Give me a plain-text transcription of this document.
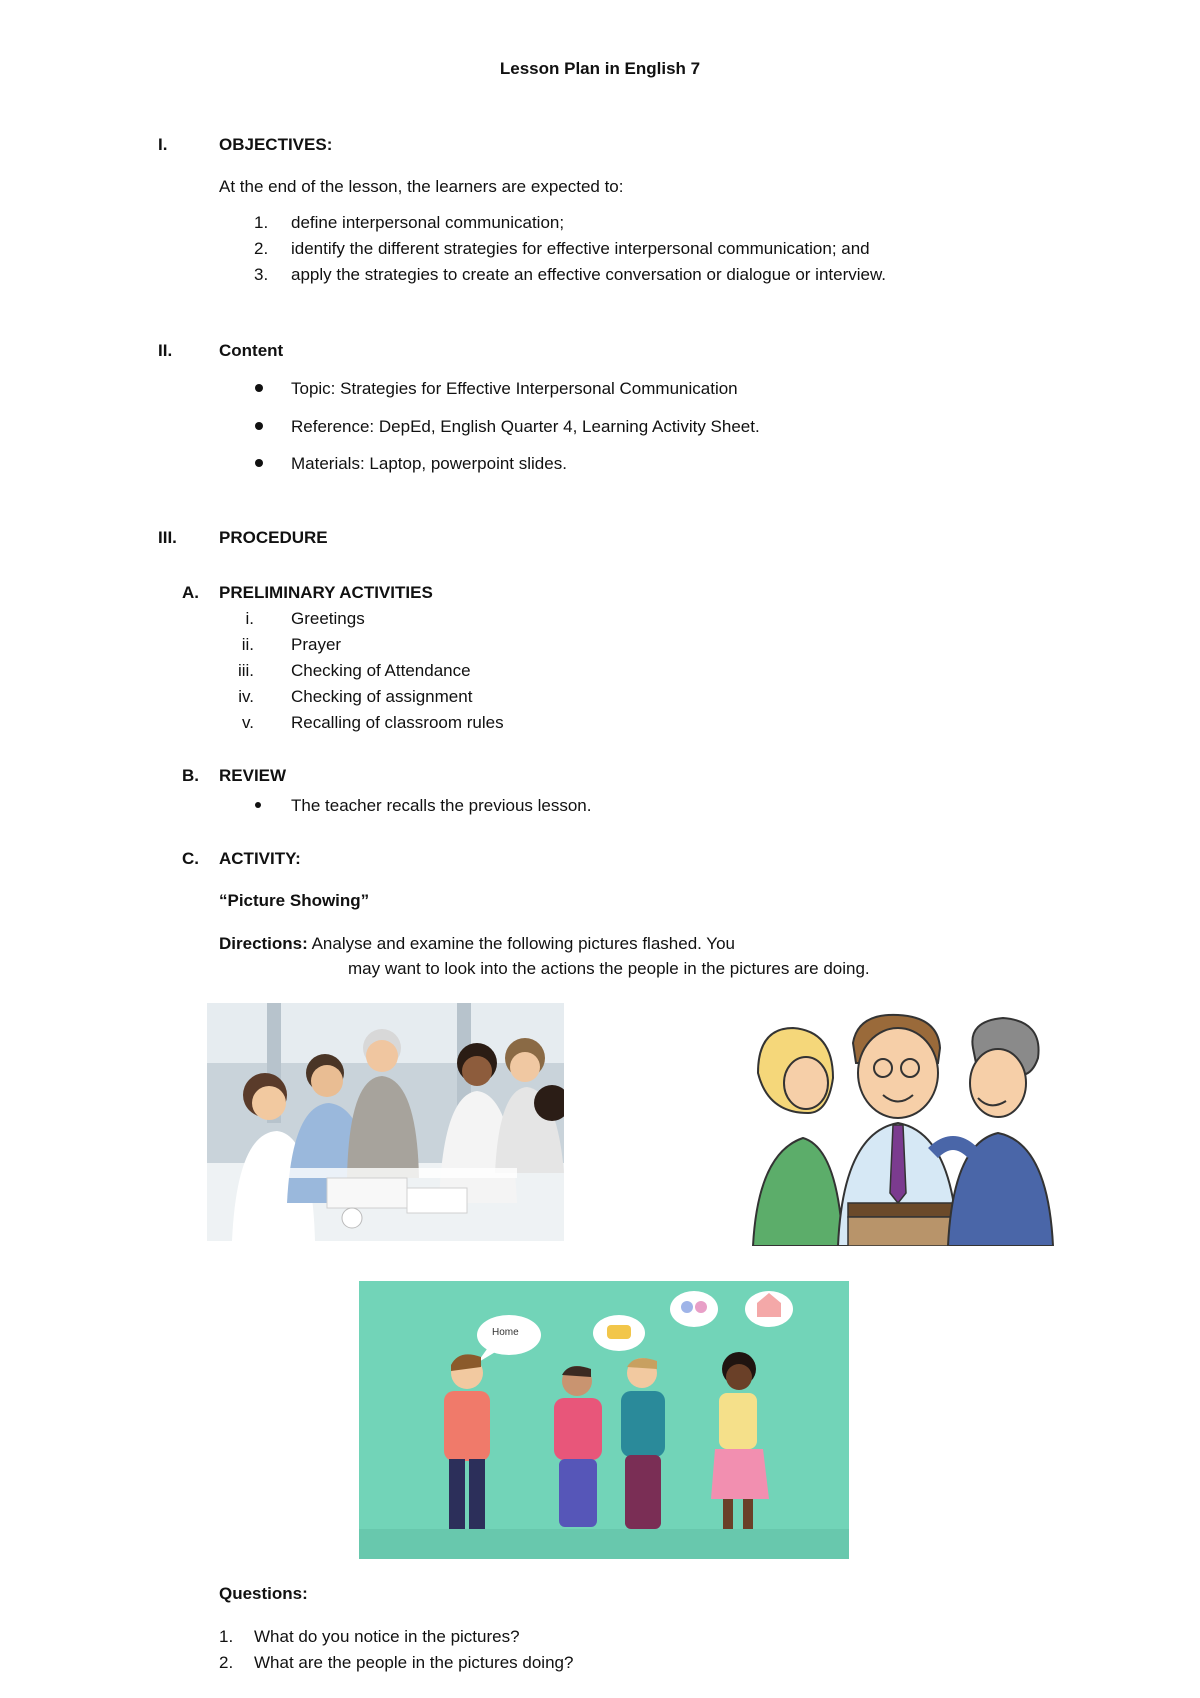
Lesson Plan in English 7
I.	OBJECTIVES:
At the end of the lesson, the learners are expected to:
1. define interpersonal communication;
2. identify the different strategies for effective interpersonal communication; and
3. apply the strategies to create an effective conversation or dialogue or interview.
II.	Content
Topic: Strategies for Effective Interpersonal Communication
Reference: DepEd, English Quarter 4, Learning Activity Sheet.
Materials: Laptop, powerpoint slides.
III. PROCEDURE
A. PRELIMINARY ACTIVITIES
i. Greetings
ii. Prayer
iii. Checking of Attendance
iv. Checking of assignment
v. Recalling of classroom rules
B. REVIEW
The teacher recalls the previous lesson.
C. ACTIVITY:
“Picture Showing”
Directions: Analyse and examine the following pictures flashed. You
may want to look into the actions the people in the pictures are doing.
Home
Questions:
1. What do you notice in the pictures?
2. What are the people in the pictures doing?
